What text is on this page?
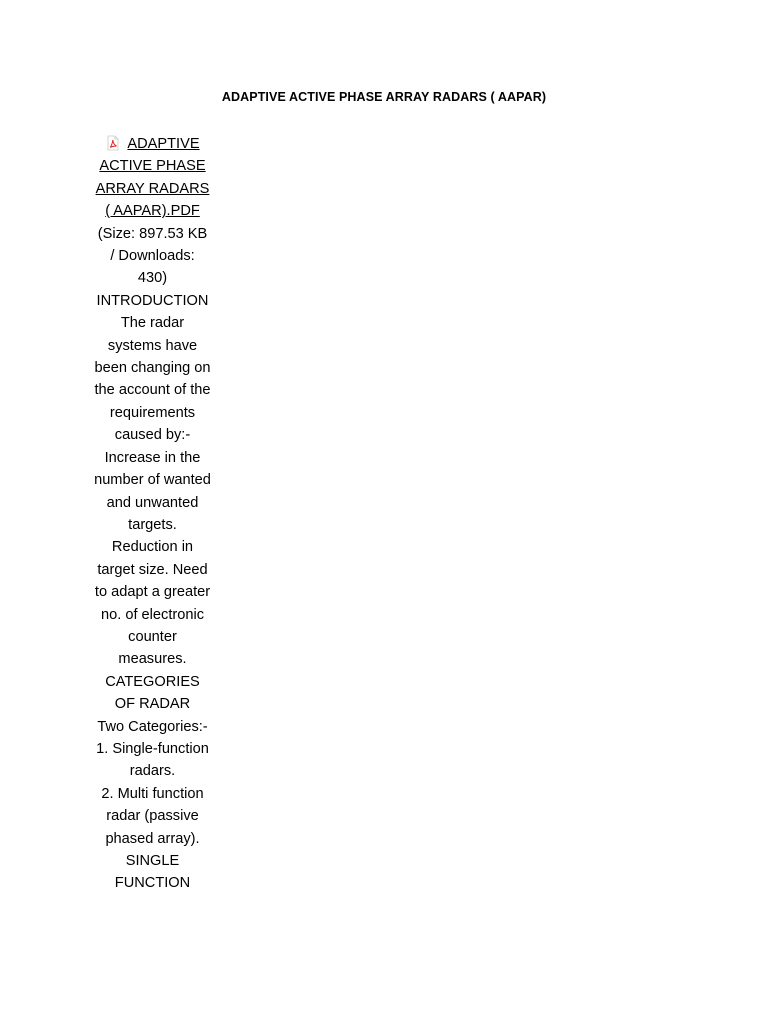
ADAPTIVE ACTIVE PHASE ARRAY RADARS ( AAPAR)
ADAPTIVE
ACTIVE PHASE
ARRAY RADARS
( AAPAR).PDF
(Size: 897.53 KB
/ Downloads:
430)
INTRODUCTION
The radar
systems have
been changing on
the account of the
requirements
caused by:-
Increase in the
number of wanted
and unwanted
targets.
Reduction in
target size. Need
to adapt a greater
no. of electronic
counter
measures.
CATEGORIES
OF RADAR
Two Categories:-
1. Single-function
radars.
2. Multi function
radar (passive
phased array).
SINGLE
FUNCTION
